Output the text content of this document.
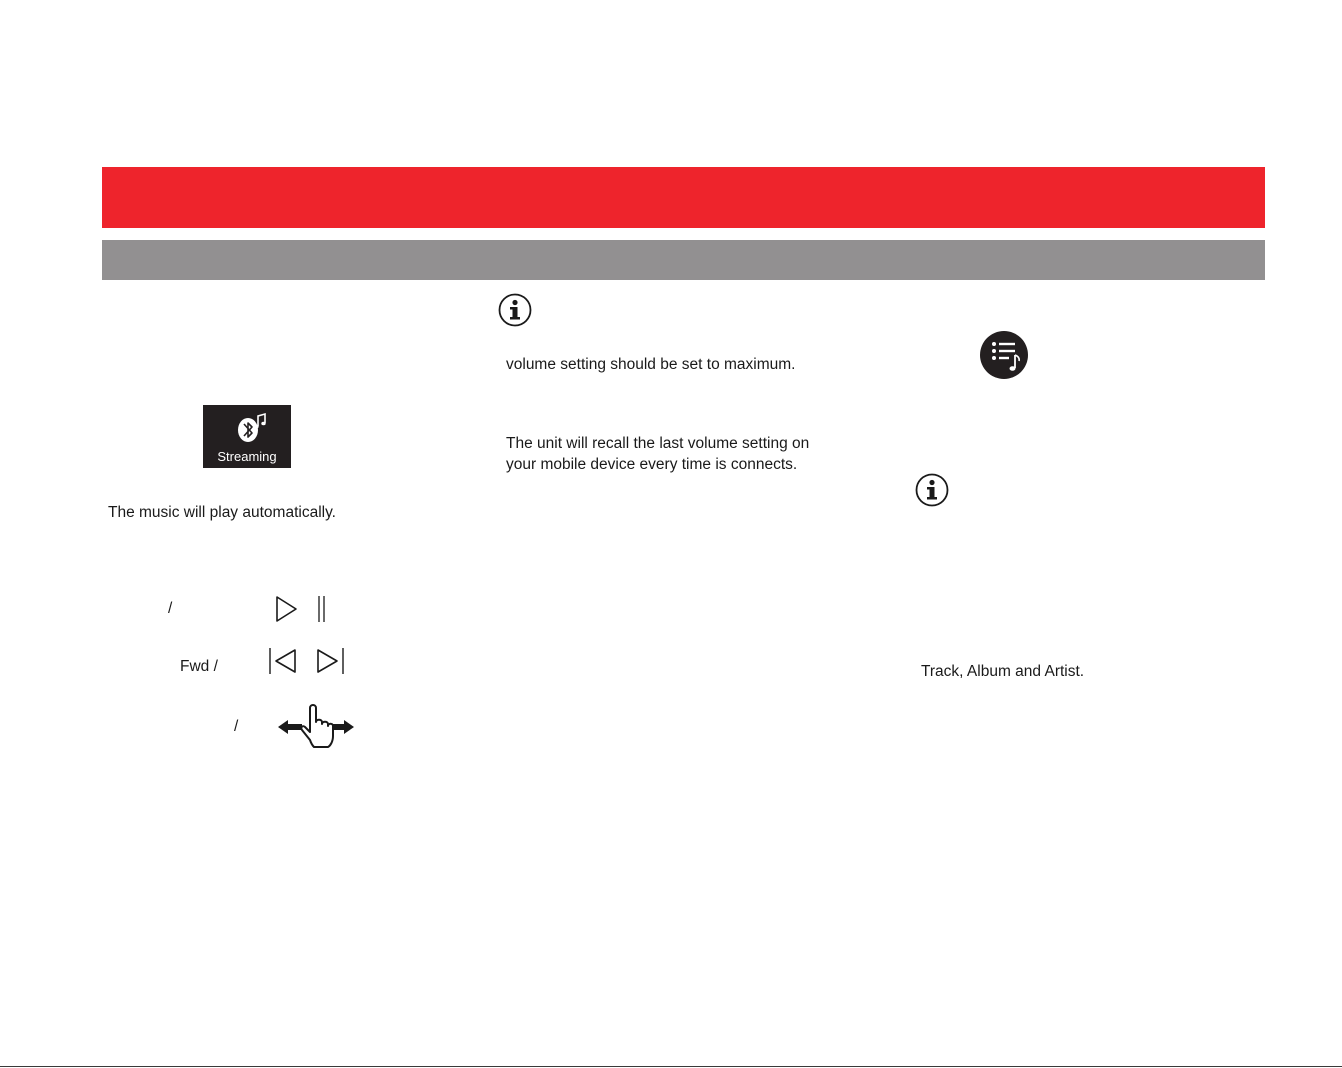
Streaming
The music will play automatically.
/
Fwd /
/
volume setting should be set to maximum.
The unit will recall the last volume setting on
your mobile device every time is connects.
Track, Album and Artist.
